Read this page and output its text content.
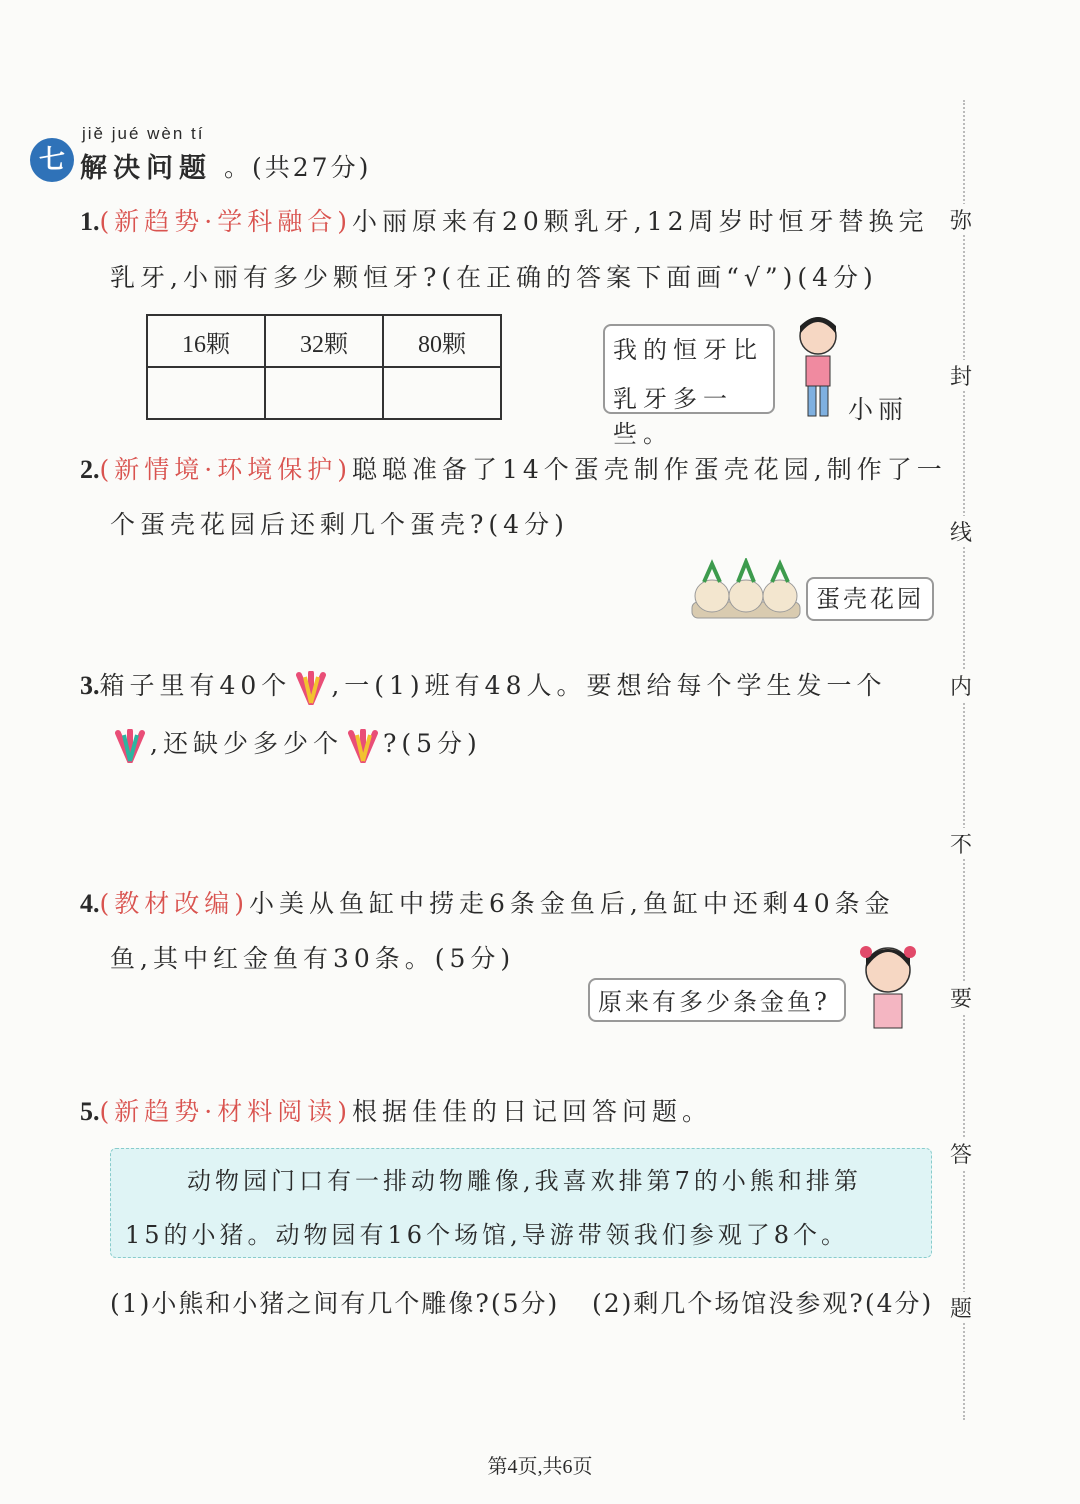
七
jiě jué wèn tí
解决问题 。(共27分)
1.(新趋势·学科融合)小丽原来有20颗乳牙,12周岁时恒牙替换完
乳牙,小丽有多少颗恒牙?(在正确的答案下面画“√”)(4分)
16颗	32颗	80颗
			我的恒牙比
乳牙多一些。
小丽
2.(新情境·环境保护)聪聪准备了14个蛋壳制作蛋壳花园,制作了一
个蛋壳花园后还剩几个蛋壳?(4分)
蛋壳花园
3.箱子里有40个 ,一(1)班有48人。要想给每个学生发一个
,还缺少多少个 ?(5分)
4.(教材改编)小美从鱼缸中捞走6条金鱼后,鱼缸中还剩40条金
鱼,其中红金鱼有30条。(5分)
原来有多少条金鱼?
5.(新趋势·材料阅读)根据佳佳的日记回答问题。
动物园门口有一排动物雕像,我喜欢排第7的小熊和排第
15的小猪。动物园有16个场馆,导游带领我们参观了8个。
(1)小熊和小猪之间有几个雕像?(5分) (2)剩几个场馆没参观?(4分)
弥
封
线
内
不
要
答
题
第4页,共6页
